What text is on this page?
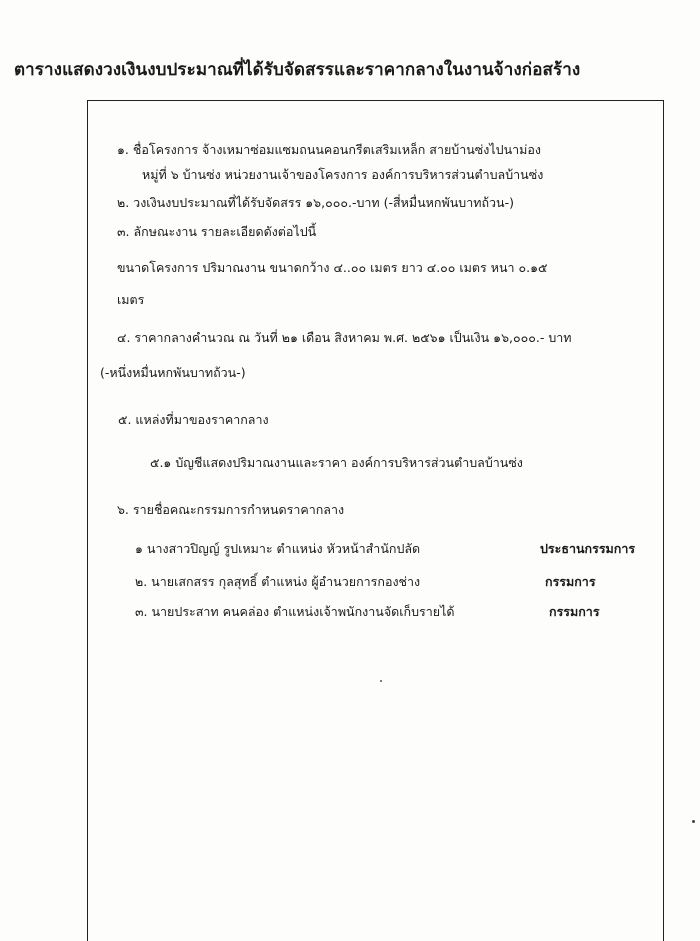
ตารางแสดงวงเงินงบประมาณที่ได้รับจัดสรรและราคากลางในงานจ้างก่อสร้าง
๑. ชื่อโครงการ จ้างเหมาซ่อมแซมถนนคอนกรีตเสริมเหล็ก สายบ้านซ่งไปนาม่อง
หมู่ที่ ๖ บ้านซ่ง หน่วยงานเจ้าของโครงการ องค์การบริหารส่วนตำบลบ้านซ่ง
๒. วงเงินงบประมาณที่ได้รับจัดสรร ๑๖,๐๐๐.-บาท (-สี่หมื่นหกพันบาทถ้วน-)
๓. ลักษณะงาน รายละเอียดดังต่อไปนี้
ขนาดโครงการ ปริมาณงาน ขนาดกว้าง ๔..๐๐ เมตร ยาว ๔.๐๐ เมตร หนา ๐.๑๕
เมตร
๔. ราคากลางคำนวณ ณ วันที่ ๒๑ เดือน สิงหาคม พ.ศ. ๒๕๖๑ เป็นเงิน ๑๖,๐๐๐.- บาท
(-หนึ่งหมื่นหกพันบาทถ้วน-)
๕. แหล่งที่มาของราคากลาง
๕.๑ บัญชีแสดงปริมาณงานและราคา องค์การบริหารส่วนตำบลบ้านซ่ง
๖. รายชื่อคณะกรรมการกำหนดราคากลาง
๑ นางสาวปิญญ์ รูปเหมาะ ตำแหน่ง หัวหน้าสำนักปลัด	ประธานกรรมการ
๒. นายเสกสรร กุลสุทธิ์ ตำแหน่ง ผู้อำนวยการกองช่าง	กรรมการ
๓. นายประสาท คนคล่อง ตำแหน่งเจ้าพนักงานจัดเก็บรายได้	กรรมการ
